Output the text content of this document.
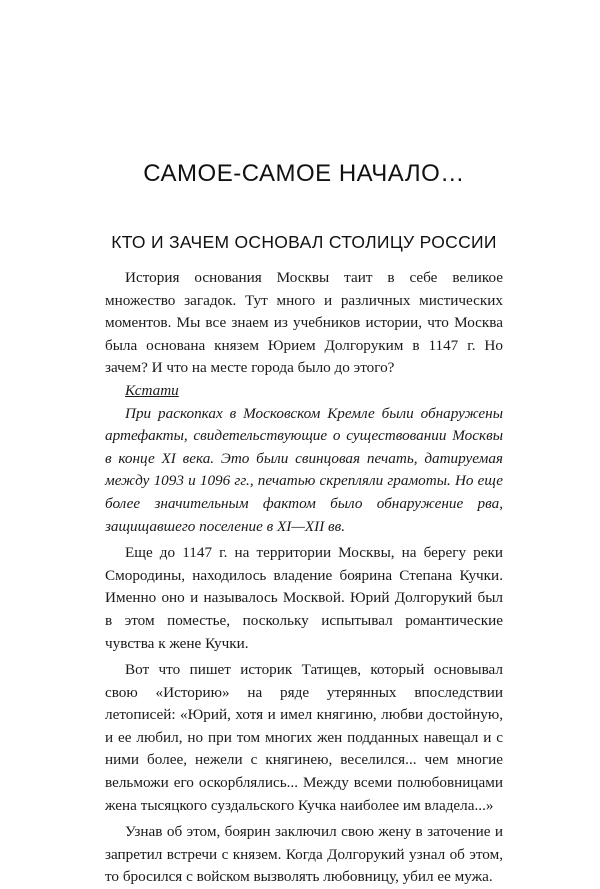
САМОЕ-САМОЕ НАЧАЛО…
КТО И ЗАЧЕМ ОСНОВАЛ СТОЛИЦУ РОССИИ

История основания Москвы таит в себе великое множество загадок. Тут много и различных мистических моментов. Мы все знаем из учебников истории, что Москва была основана князем Юрием Долгоруким в 1147 г. Но зачем? И что на месте города было до этого?

Кстати

При раскопках в Московском Кремле были обнаружены артефакты, свидетельствующие о существовании Москвы в конце XI века. Это были свинцовая печать, датируемая между 1093 и 1096 гг., печатью скрепляли грамоты. Но еще более значительным фактом было обнаружение рва, защищавшего поселение в XI—XII вв.

Еще до 1147 г. на территории Москвы, на берегу реки Смородины, находилось владение боярина Степана Кучки. Именно оно и называлось Москвой. Юрий Долгорукий был в этом поместье, поскольку испытывал романтические чувства к жене Кучки.

Вот что пишет историк Татищев, который основывал свою «Историю» на ряде утерянных впоследствии летописей: «Юрий, хотя и имел княгиню, любви достойную, и ее любил, но при том многих жен подданных навещал и с ними более, нежели с княгинею, веселился... чем многие вельможи его оскорблялись... Между всеми полюбовницами жена тысяцкого суздальского Кучка наиболее им владела...»

Узнав об этом, боярин заключил свою жену в заточение и запретил встречи с князем. Когда Долгорукий узнал об этом, то бросился с войском вызволять любовницу, убил ее мужа.
